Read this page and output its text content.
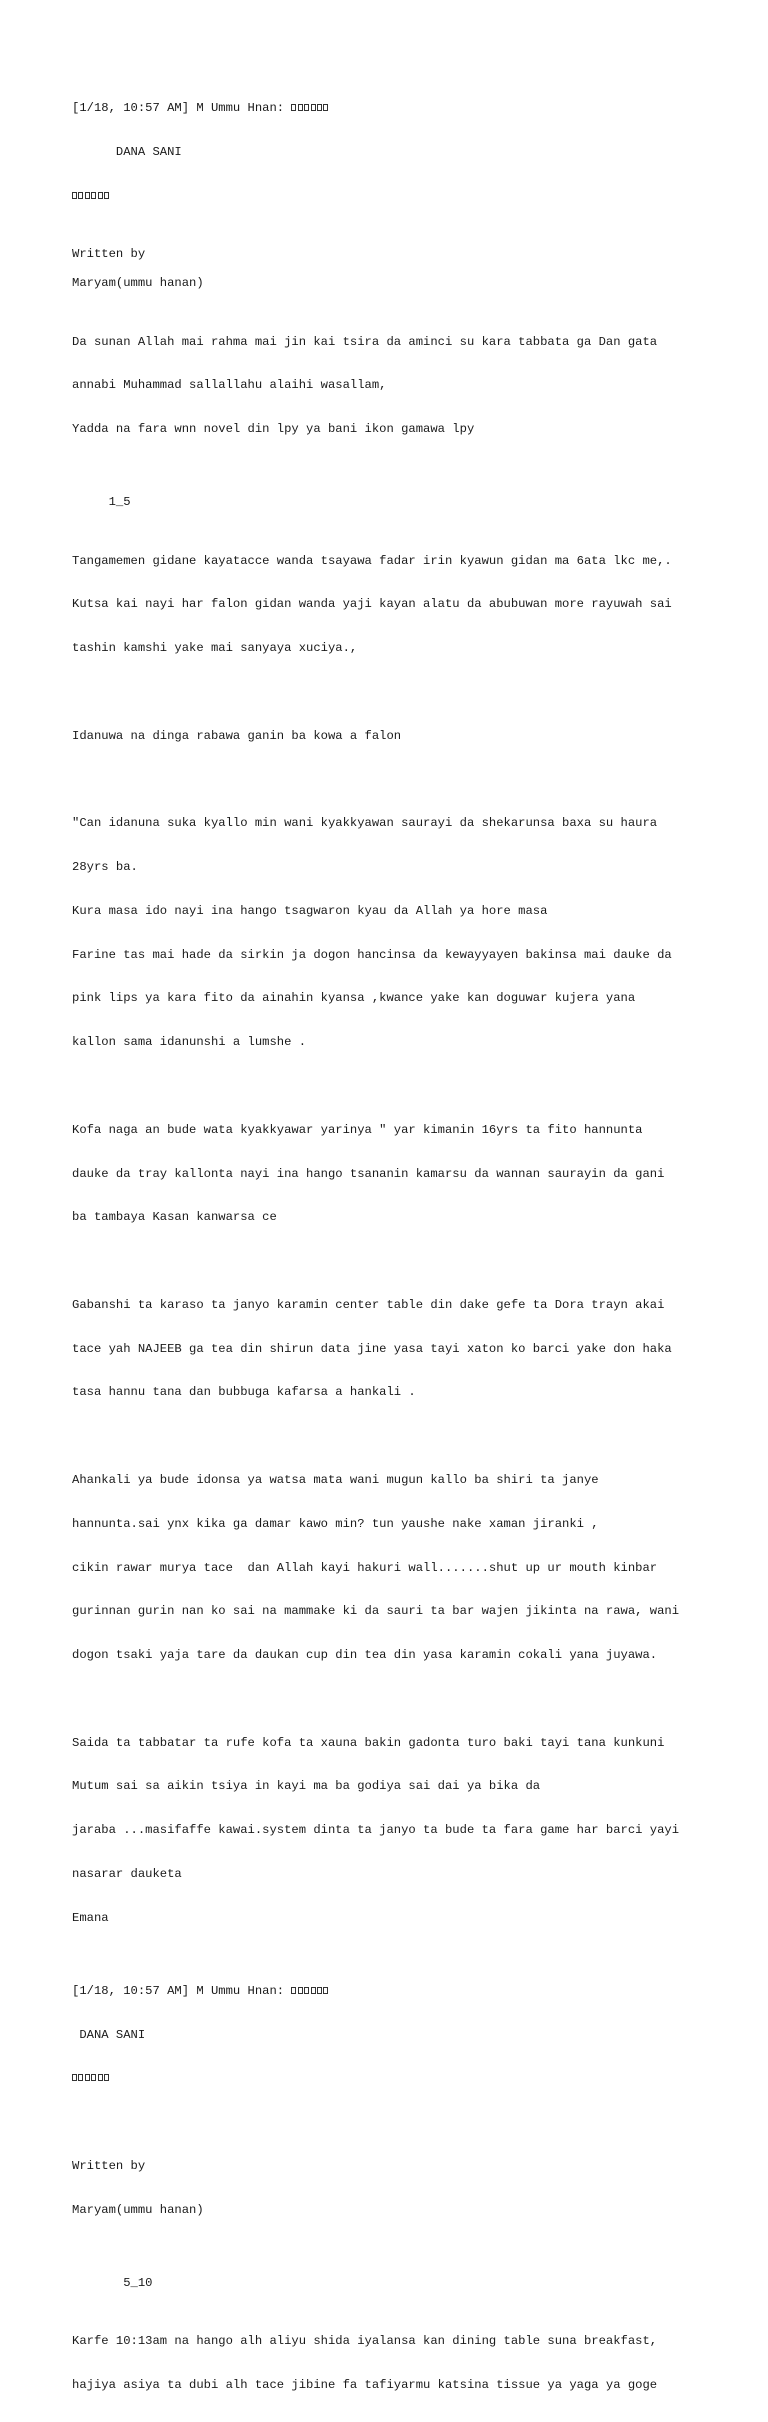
[1/18, 10:57 AM] M Ummu Hnan:

DANA SANI

Written by
Maryam(ummu hanan)

Da sunan Allah mai rahma mai jin kai tsira da aminci su kara tabbata ga Dan gata

annabi Muhammad sallallahu alaihi wasallam,

Yadda na fara wnn novel din lpy ya bani ikon gamawa lpy

1_5

Tangamemen gidane kayatacce wanda tsayawa fadar irin kyawun gidan ma 6ata lkc me,.

Kutsa kai nayi har falon gidan wanda yaji kayan alatu da abubuwan more rayuwah sai

tashin kamshi yake mai sanyaya xuciya.,

Idanuwa na dinga rabawa ganin ba kowa a falon

"Can idanuna suka kyallo min wani kyakkyawan saurayi da shekarunsa baxa su haura

28yrs ba.

Kura masa ido nayi ina hango tsagwaron kyau da Allah ya hore masa

Farine tas mai hade da sirkin ja dogon hancinsa da kewayyayen bakinsa mai dauke da

pink lips ya kara fito da ainahin kyansa ,kwance yake kan doguwar kujera yana

kallon sama idanunshi a lumshe .

Kofa naga an bude wata kyakkyawar yarinya " yar kimanin 16yrs ta fito hannunta

dauke da tray kallonta nayi ina hango tsananin kamarsu da wannan saurayin da gani

ba tambaya Kasan kanwarsa ce

Gabanshi ta karaso ta janyo karamin center table din dake gefe ta Dora trayn akai

tace yah NAJEEB ga tea din shirun data jine yasa tayi xaton ko barci yake don haka

tasa hannu tana dan bubbuga kafarsa a hankali .

Ahankali ya bude idonsa ya watsa mata wani mugun kallo ba shiri ta janye

hannunta.sai ynx kika ga damar kawo min? tun yaushe nake xaman jiranki ,

cikin rawar murya tace  dan Allah kayi hakuri wall.......shut up ur mouth kinbar

gurinnan gurin nan ko sai na mammake ki da sauri ta bar wajen jikinta na rawa, wani

dogon tsaki yaja tare da daukan cup din tea din yasa karamin cokali yana juyawa.

Saida ta tabbatar ta rufe kofa ta xauna bakin gadonta turo baki tayi tana kunkuni

Mutum sai sa aikin tsiya in kayi ma ba godiya sai dai ya bika da

jaraba ...masifaffe kawai.system dinta ta janyo ta bude ta fara game har barci yayi

nasarar dauketa

Emana

[1/18, 10:57 AM] M Ummu Hnan:

DANA SANI

Written by

Maryam(ummu hanan)

5_10

Karfe 10:13am na hango alh aliyu shida iyalansa kan dining table suna breakfast,

hajiya asiya ta dubi alh tace jibine fa tafiyarmu katsina tissue ya yaga ya goge
